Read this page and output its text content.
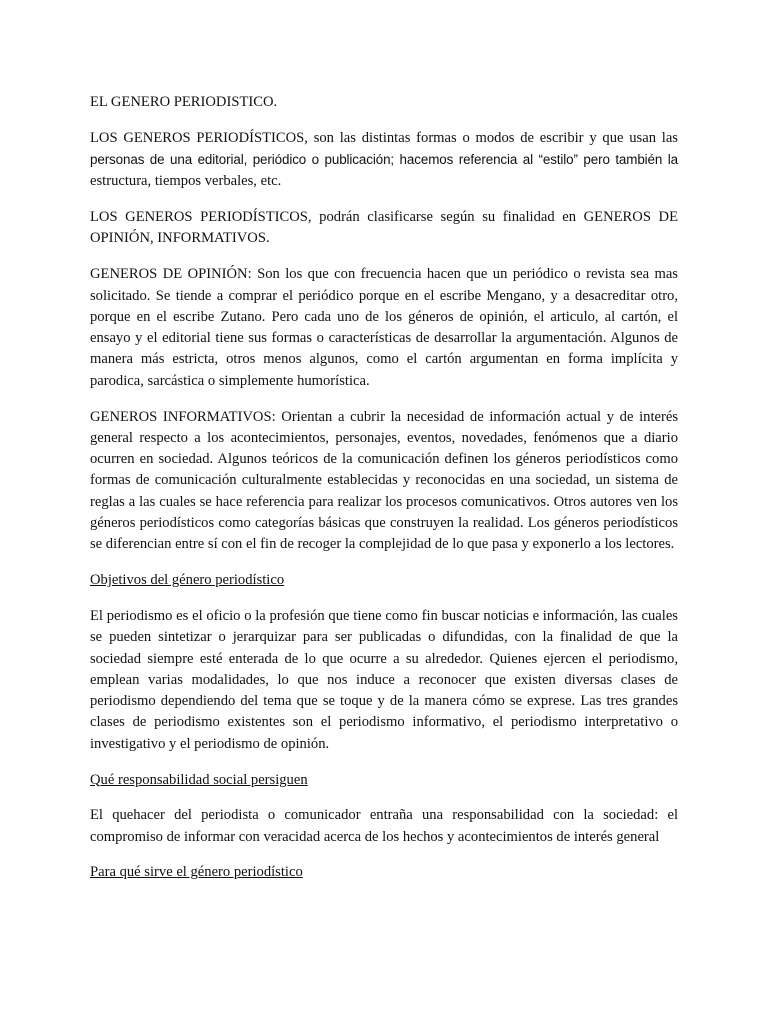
EL GENERO PERIODISTICO.

LOS GENEROS PERIODÍSTICOS, son las distintas formas o modos de escribir y que usan las personas de una editorial, periódico o publicación; hacemos referencia al “estilo” pero también la estructura, tiempos verbales, etc.

LOS GENEROS PERIODÍSTICOS, podrán clasificarse según su finalidad en GENEROS DE OPINIÓN, INFORMATIVOS.

GENEROS DE OPINIÓN: Son los que con frecuencia hacen que un periódico o revista sea mas solicitado. Se tiende a comprar el periódico porque en el escribe Mengano, y a desacreditar otro, porque en el escribe Zutano. Pero cada uno de los géneros de opinión, el articulo, al cartón, el ensayo y el editorial tiene sus formas o características de desarrollar la argumentación. Algunos de manera más estricta, otros menos algunos, como el cartón argumentan en forma implícita y parodica, sarcástica o simplemente humorística.

GENEROS INFORMATIVOS: Orientan a cubrir la necesidad de información actual y de interés general respecto a los acontecimientos, personajes, eventos, novedades, fenómenos que a diario ocurren en sociedad. Algunos teóricos de la comunicación definen los géneros periodísticos como formas de comunicación culturalmente establecidas y reconocidas en una sociedad, un sistema de reglas a las cuales se hace referencia para realizar los procesos comunicativos. Otros autores ven los géneros periodísticos como categorías básicas que construyen la realidad. Los géneros periodísticos se diferencian entre sí con el fin de recoger la complejidad de lo que pasa y exponerlo a los lectores.

Objetivos del género periodístico

El periodismo es el oficio o la profesión que tiene como fin buscar noticias e información, las cuales se pueden sintetizar o jerarquizar para ser publicadas o difundidas, con la finalidad de que la sociedad siempre esté enterada de lo que ocurre a su alrededor. Quienes ejercen el periodismo, emplean varias modalidades, lo que nos induce a reconocer que existen diversas clases de periodismo dependiendo del tema que se toque y de la manera cómo se exprese. Las tres grandes clases de periodismo existentes son el periodismo informativo, el periodismo interpretativo o investigativo y el periodismo de opinión.

Qué responsabilidad social persiguen

El quehacer del periodista o comunicador entraña una responsabilidad con la sociedad: el compromiso de informar con veracidad acerca de los hechos y acontecimientos de interés general

Para qué sirve el género periodístico
